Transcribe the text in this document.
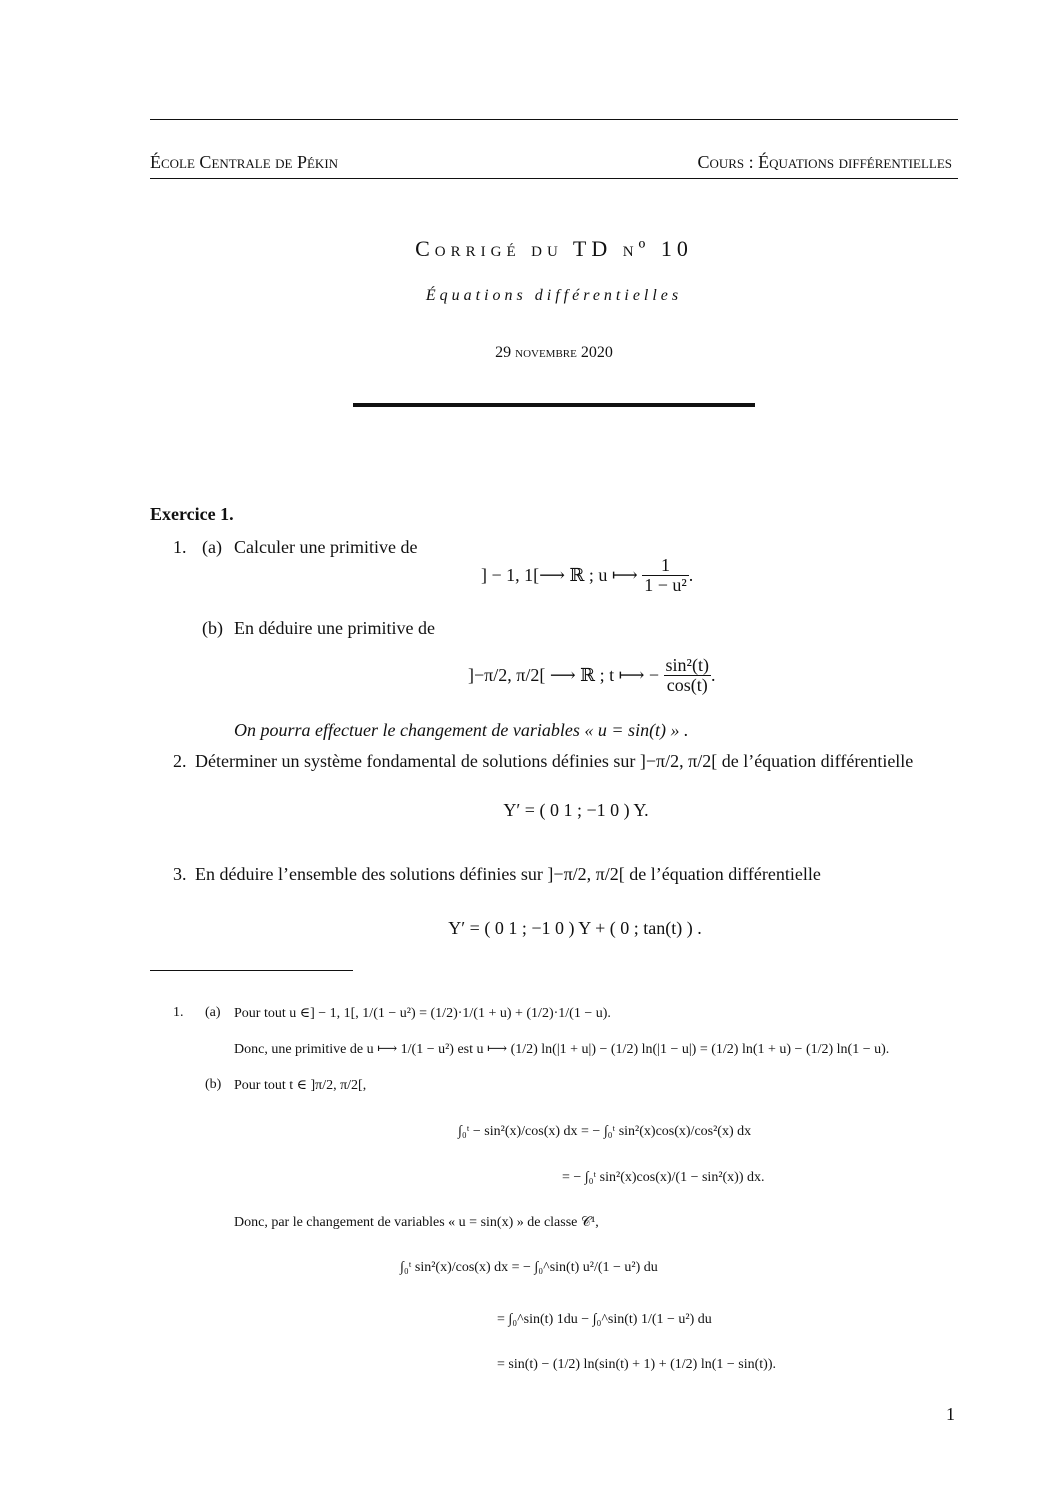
École Centrale de Pékin	Cours : Équations différentielles
Corrigé du TD nº 10
Équations différentielles
29 novembre 2020
Exercice 1.
1. (a) Calculer une primitive de
] − 1, 1[⟶ ℝ ; u ⟼ $\frac{1}{\text{1 − u²}}$ .
(b) En déduire une primitive de
]−π/2, π/2[ ⟶ ℝ ; t ⟼ − $\frac{\text{sin²(t)}}{\cos(t)}$ .
On pourra effectuer le changement de variables « u = sin(t) » .
2. Déterminer un système fondamental de solutions définies sur ]−π/2, π/2[ de l’équation différentielle
Y′ = ( 0 1 ; −1 0 ) Y.
3. En déduire l’ensemble des solutions définies sur ]−π/2, π/2[ de l’équation différentielle
Y′ = ( 0 1 ; −1 0 ) Y + ( 0 ; tan(t) ) .
1. (a) Pour tout u ∈] − 1, 1[, 1/(1 − u²) = (1/2)·1/(1 + u) + (1/2)·1/(1 − u).
Donc, une primitive de u ⟼ 1/(1 − u²) est u ⟼ (1/2) ln(|1 + u|) − (1/2) ln(|1 − u|) = (1/2) ln(1 + u) − (1/2) ln(1 − u).
(b) Pour tout t ∈ ]π/2, π/2[,
∫₀ᵗ − sin²(x)/cos(x) dx = − ∫₀ᵗ sin²(x)cos(x)/cos²(x) dx
= − ∫₀ᵗ sin²(x)cos(x)/(1 − sin²(x)) dx.
Donc, par le changement de variables « u = sin(x) » de classe 𝒞¹,
∫₀ᵗ sin²(x)/cos(x) dx = − ∫₀^sin(t) u²/(1 − u²) du
= ∫₀^sin(t) 1du − ∫₀^sin(t) 1/(1 − u²) du
= sin(t) − (1/2) ln(sin(t) + 1) + (1/2) ln(1 − sin(t)).
1
